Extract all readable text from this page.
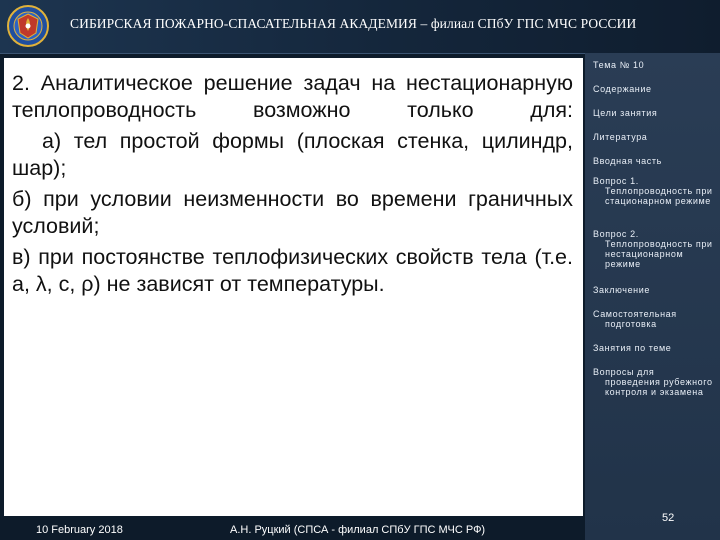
СИБИРСКАЯ ПОЖАРНО-СПАСАТЕЛЬНАЯ АКАДЕМИЯ – филиал СПбУ ГПС МЧС РОССИИ

2. Аналитическое решение задач на нестационарную теплопроводность возможно только для:

а) тел простой формы (плоская стенка, цилиндр, шар);

б) при условии неизменности во времени граничных условий;

в) при постоянстве теплофизических свойств тела (т.е. a, λ, c, ρ) не зависят от температуры.

Тема № 10
Содержание
Цели занятия
Литература
Вводная часть
Вопрос 1.
Теплопроводность при стационарном режиме
Вопрос 2.
Теплопроводность при нестационарном режиме
Заключение
Самостоятельная
подготовка
Занятия по теме
Вопросы для
проведения рубежного контроля и экзамена
10 February 2018	А.Н. Руцкий (СПСА - филиал СПбУ ГПС МЧС РФ)
52
